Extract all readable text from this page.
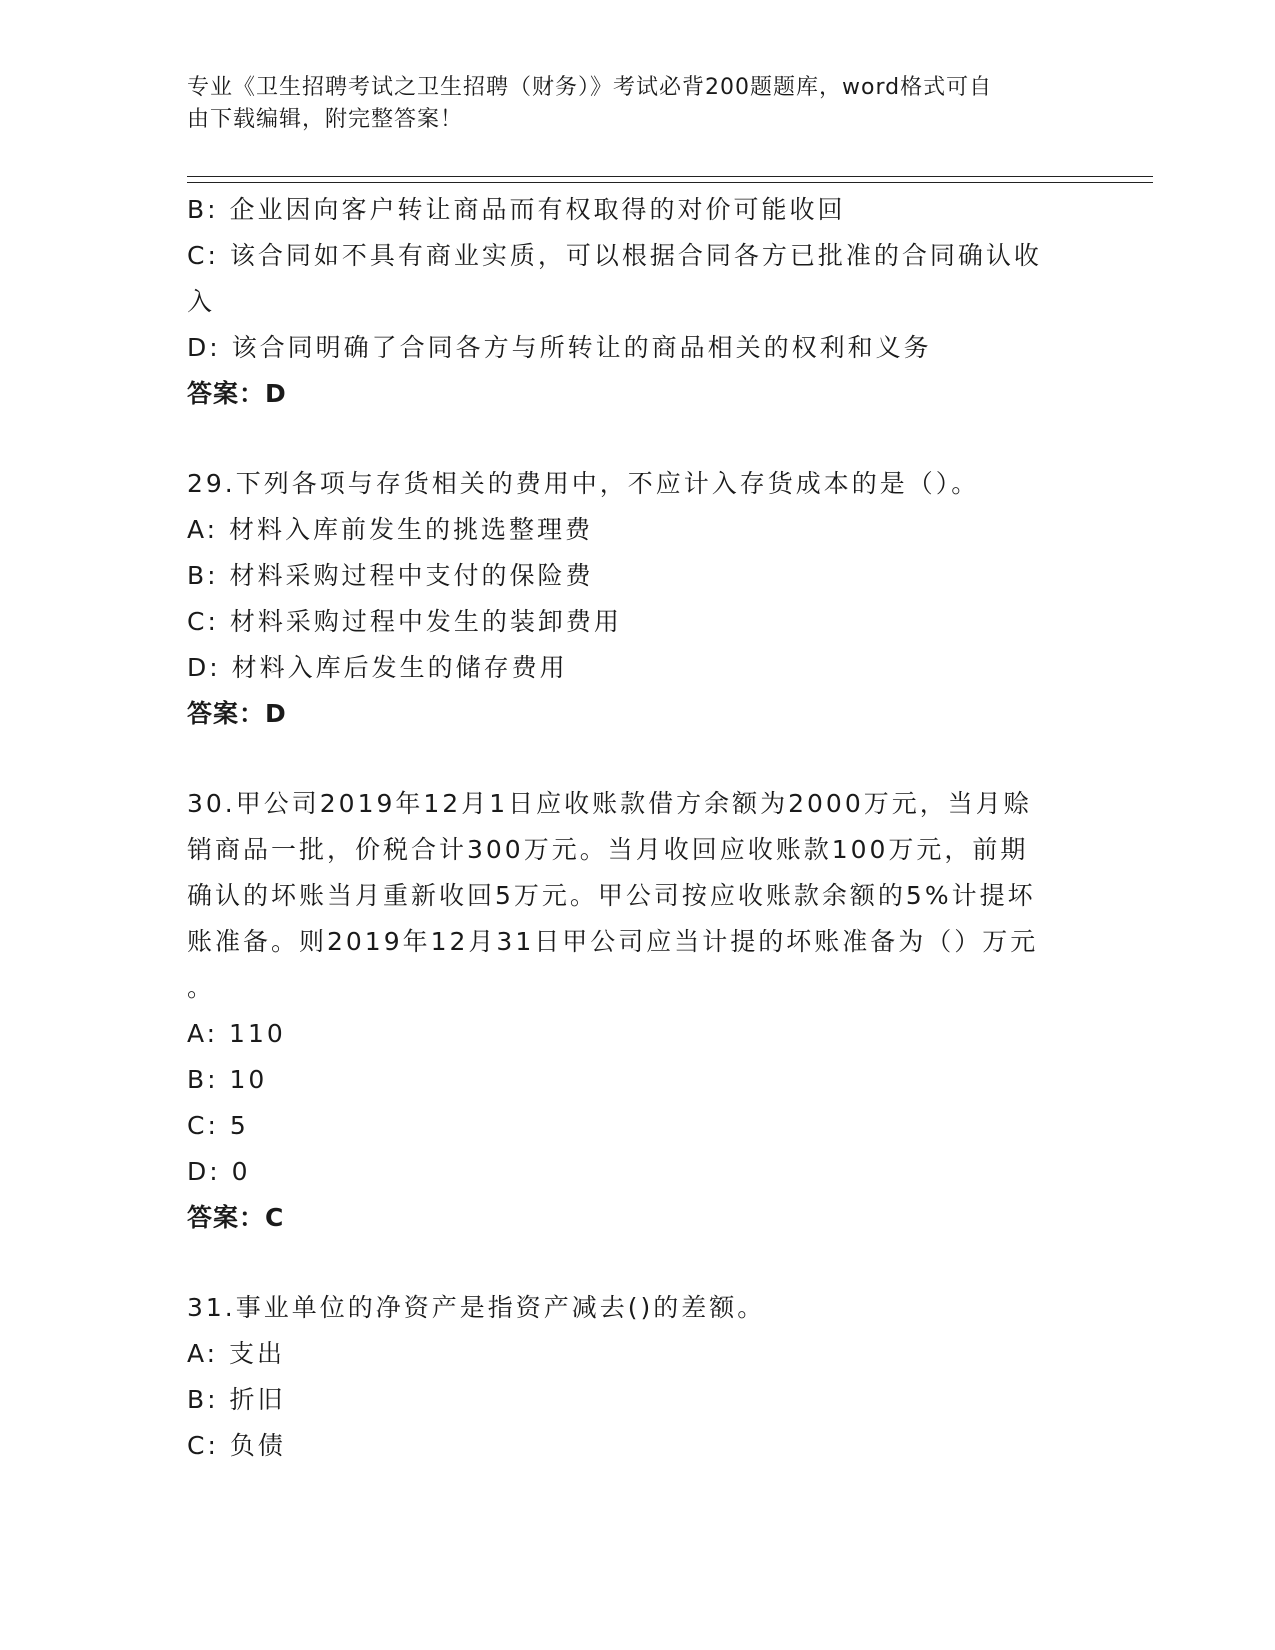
专业《卫生招聘考试之卫生招聘（财务）》考试必背200题题库，word格式可自
由下载编辑，附完整答案！
B: 企业因向客户转让商品而有权取得的对价可能收回
C: 该合同如不具有商业实质，可以根据合同各方已批准的合同确认收
入
D: 该合同明确了合同各方与所转让的商品相关的权利和义务
答案：D
29.下列各项与存货相关的费用中，不应计入存货成本的是（）。
A: 材料入库前发生的挑选整理费
B: 材料采购过程中支付的保险费
C: 材料采购过程中发生的装卸费用
D: 材料入库后发生的储存费用
答案：D
30.甲公司2019年12月1日应收账款借方余额为2000万元，当月赊
销商品一批，价税合计300万元。当月收回应收账款100万元，前期
确认的坏账当月重新收回5万元。甲公司按应收账款余额的5%计提坏
账准备。则2019年12月31日甲公司应当计提的坏账准备为（）万元
。
A: 110
B: 10
C: 5
D: 0
答案：C
31.事业单位的净资产是指资产减去()的差额。
A: 支出
B: 折旧
C: 负债
